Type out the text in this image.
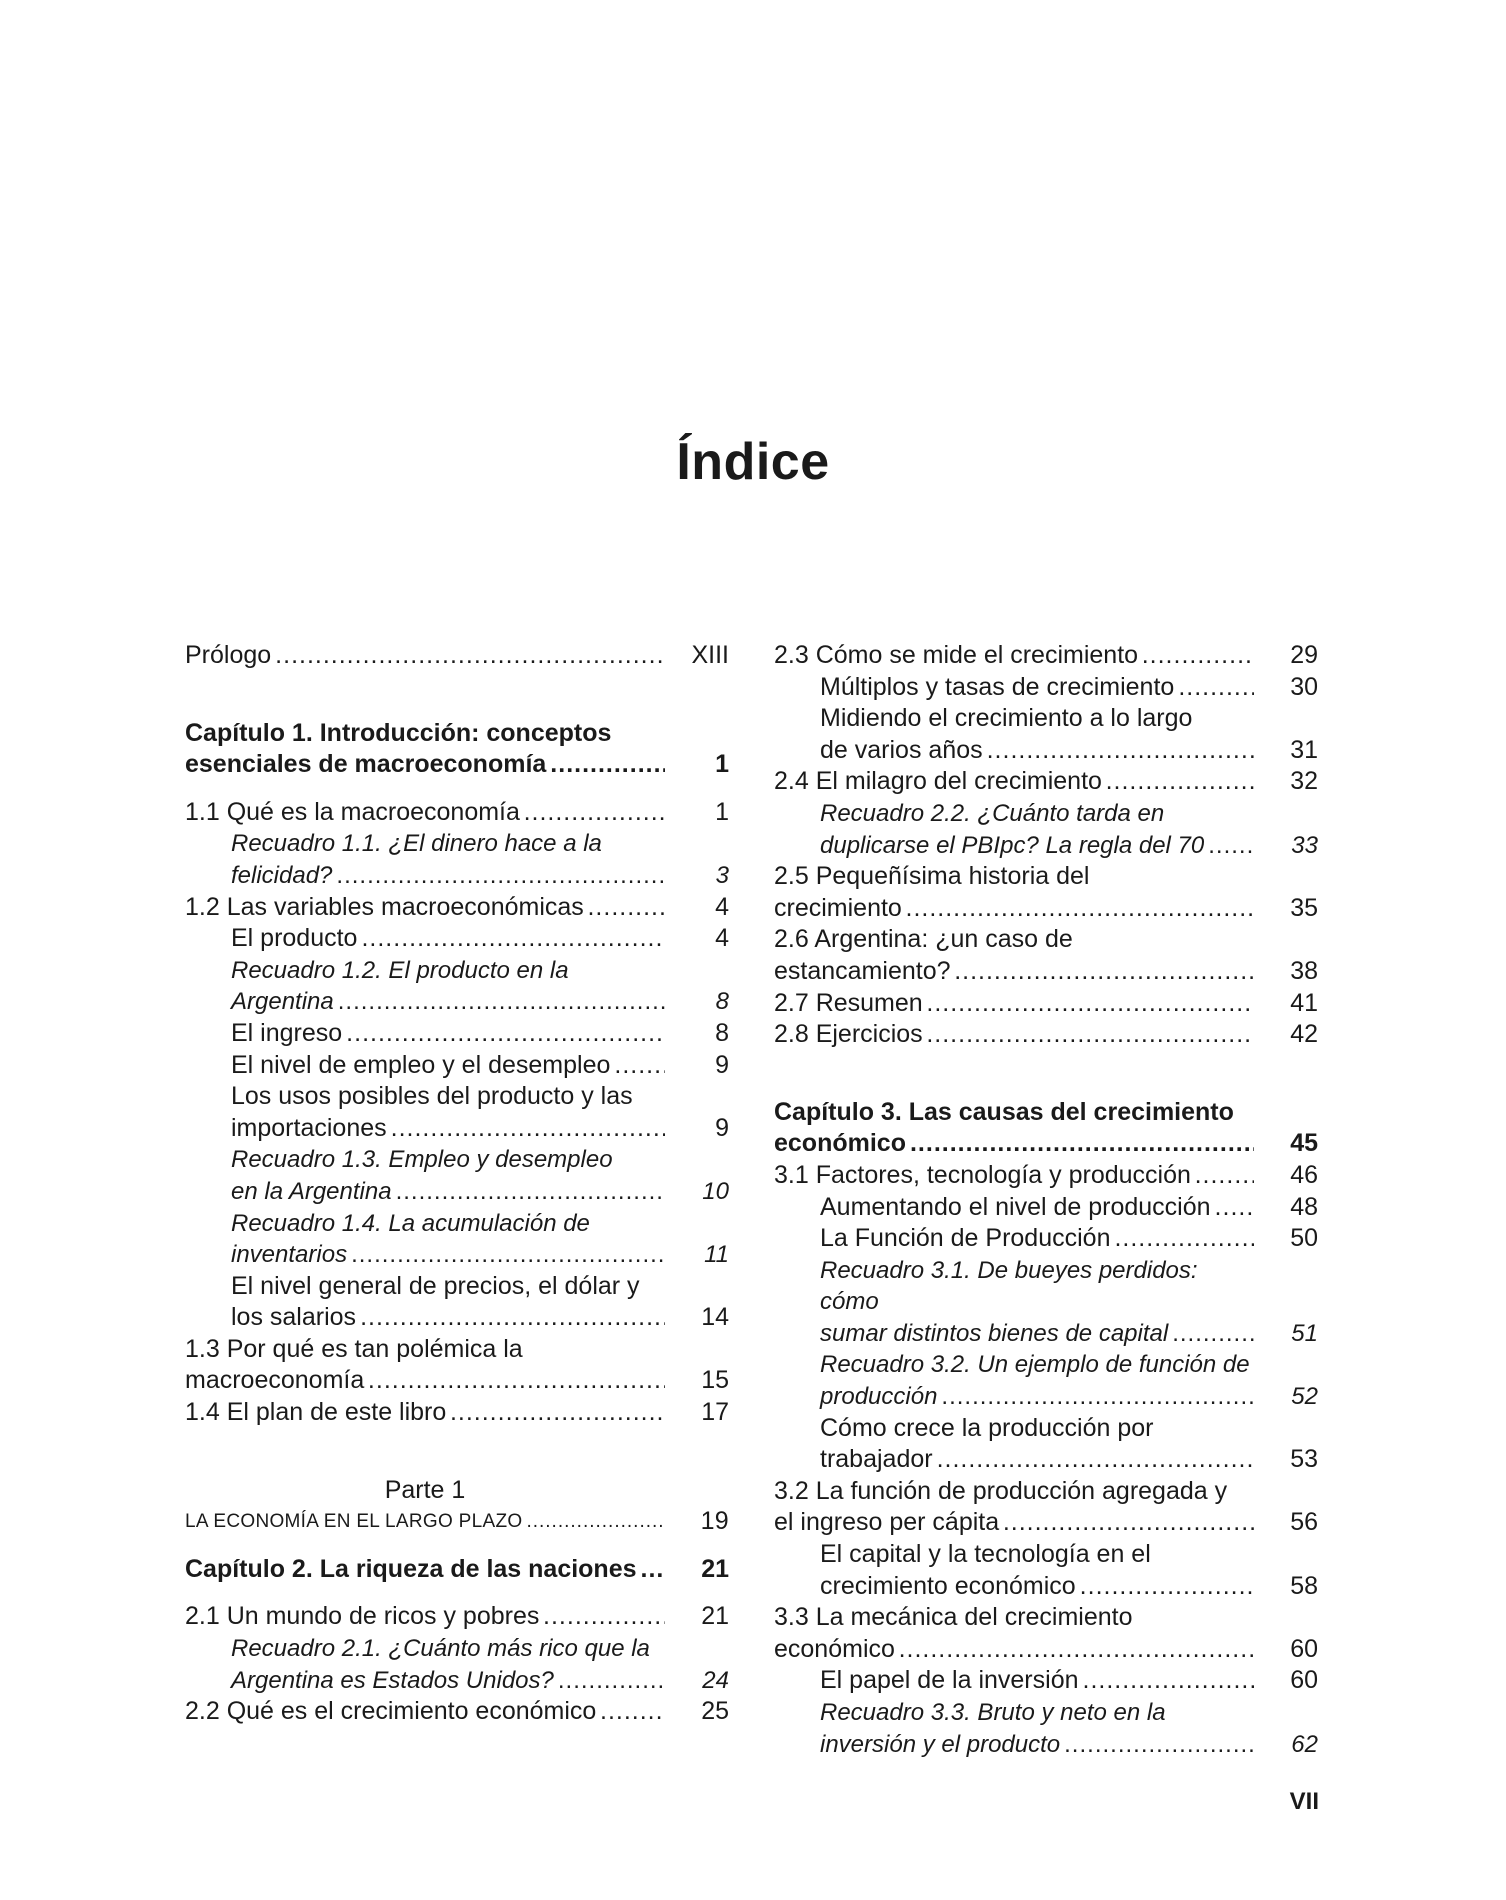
Índice
Prólogo .....	XIII
Capítulo 1. Introducción: conceptos
esenciales de macroeconomía .....	1
1.1 Qué es la macroeconomía .....	1
Recuadro 1.1. ¿El dinero hace a la
felicidad? .....	3
1.2 Las variables macroeconómicas .....	4
El producto .....	4
Recuadro 1.2. El producto en la
Argentina .....	8
El ingreso .....	8
El nivel de empleo y el desempleo .....	9
Los usos posibles del producto y las
importaciones .....	9
Recuadro 1.3. Empleo y desempleo
en la Argentina .....	10
Recuadro 1.4. La acumulación de
inventarios .....	11
El nivel general de precios, el dólar y
los salarios .....	14
1.3 Por qué es tan polémica la
macroeconomía .....	15
1.4 El plan de este libro .....	17
Parte 1
LA ECONOMÍA EN EL LARGO PLAZO .....	19
Capítulo 2. La riqueza de las naciones .....	21
2.1 Un mundo de ricos y pobres .....	21
Recuadro 2.1. ¿Cuánto más rico que la
Argentina es Estados Unidos? .....	24
2.2 Qué es el crecimiento económico .....	25
2.3 Cómo se mide el crecimiento .....	29
Múltiplos y tasas de crecimiento .....	30
Midiendo el crecimiento a lo largo
de varios años .....	31
2.4 El milagro del crecimiento .....	32
Recuadro 2.2. ¿Cuánto tarda en
duplicarse el PBIpc? La regla del 70 .....	33
2.5 Pequeñísima historia del
crecimiento .....	35
2.6 Argentina: ¿un caso de
estancamiento? .....	38
2.7 Resumen .....	41
2.8 Ejercicios .....	42
Capítulo 3. Las causas del crecimiento
económico .....	45
3.1 Factores, tecnología y producción .....	46
Aumentando el nivel de producción .....	48
La Función de Producción .....	50
Recuadro 3.1. De bueyes perdidos: cómo
sumar distintos bienes de capital .....	51
Recuadro 3.2. Un ejemplo de función de
producción .....	52
Cómo crece la producción por
trabajador .....	53
3.2 La función de producción agregada y
el ingreso per cápita .....	56
El capital y la tecnología en el
crecimiento económico .....	58
3.3 La mecánica del crecimiento
económico .....	60
El papel de la inversión .....	60
Recuadro 3.3. Bruto y neto en la
inversión y el producto .....	62
VII
